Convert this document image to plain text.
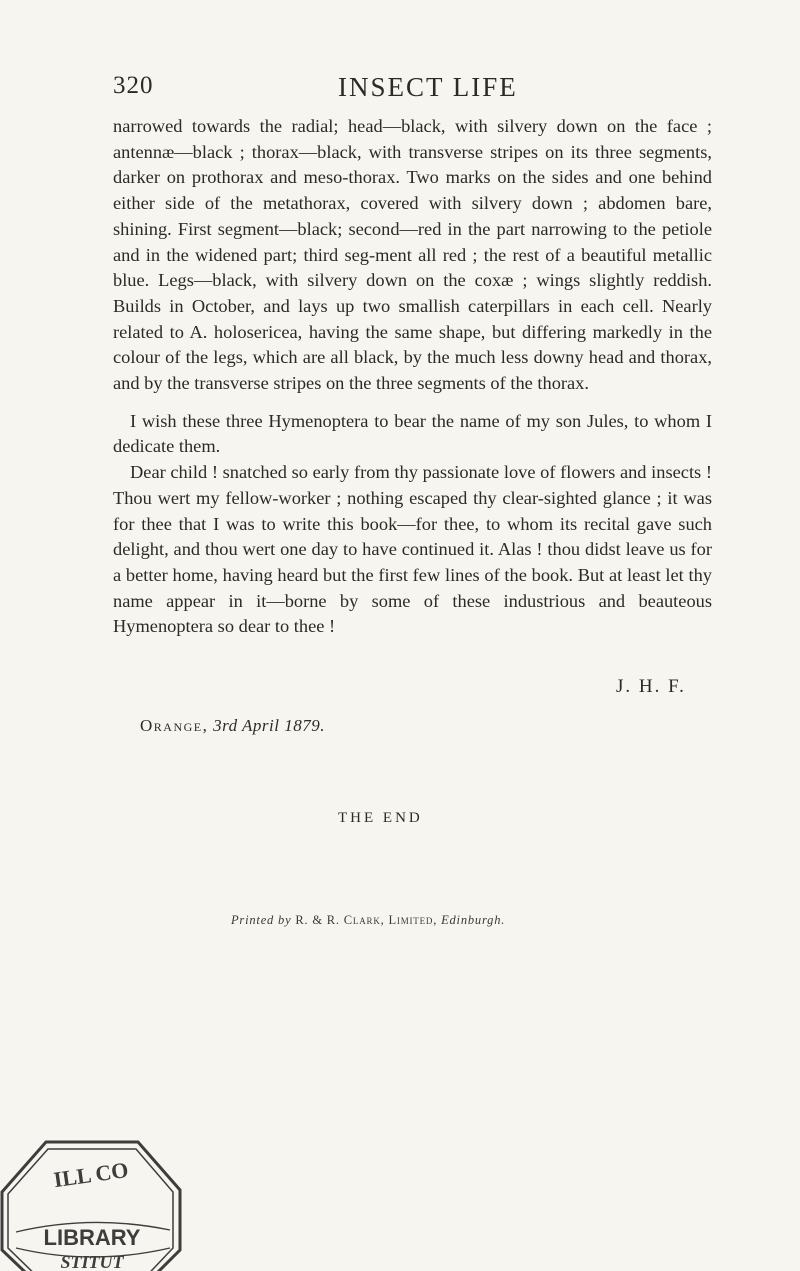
320	INSECT LIFE

narrowed towards the radial; head—black, with silvery down on the face ; antennæ—black ; thorax—black, with transverse stripes on its three segments, darker on prothorax and meso-thorax. Two marks on the sides and one behind either side of the metathorax, covered with silvery down ; abdomen bare, shining. First segment—black; second—red in the part narrowing to the petiole and in the widened part; third seg-ment all red ; the rest of a beautiful metallic blue. Legs—black, with silvery down on the coxæ ; wings slightly reddish. Builds in October, and lays up two smallish caterpillars in each cell. Nearly related to A. holosericea, having the same shape, but differing markedly in the colour of the legs, which are all black, by the much less downy head and thorax, and by the transverse stripes on the three segments of the thorax.

I wish these three Hymenoptera to bear the name of my son Jules, to whom I dedicate them.

Dear child ! snatched so early from thy passionate love of flowers and insects ! Thou wert my fellow-worker ; nothing escaped thy clear-sighted glance ; it was for thee that I was to write this book—for thee, to whom its recital gave such delight, and thou wert one day to have continued it. Alas ! thou didst leave us for a better home, having heard but the first few lines of the book. But at least let thy name appear in it—borne by some of these industrious and beauteous Hymenoptera so dear to thee !

J. H. F.
Orange, 3rd April 1879.
THE END
Printed by R. & R. Clark, Limited, Edinburgh.
ILL CO
LIBRARY
STITUT
